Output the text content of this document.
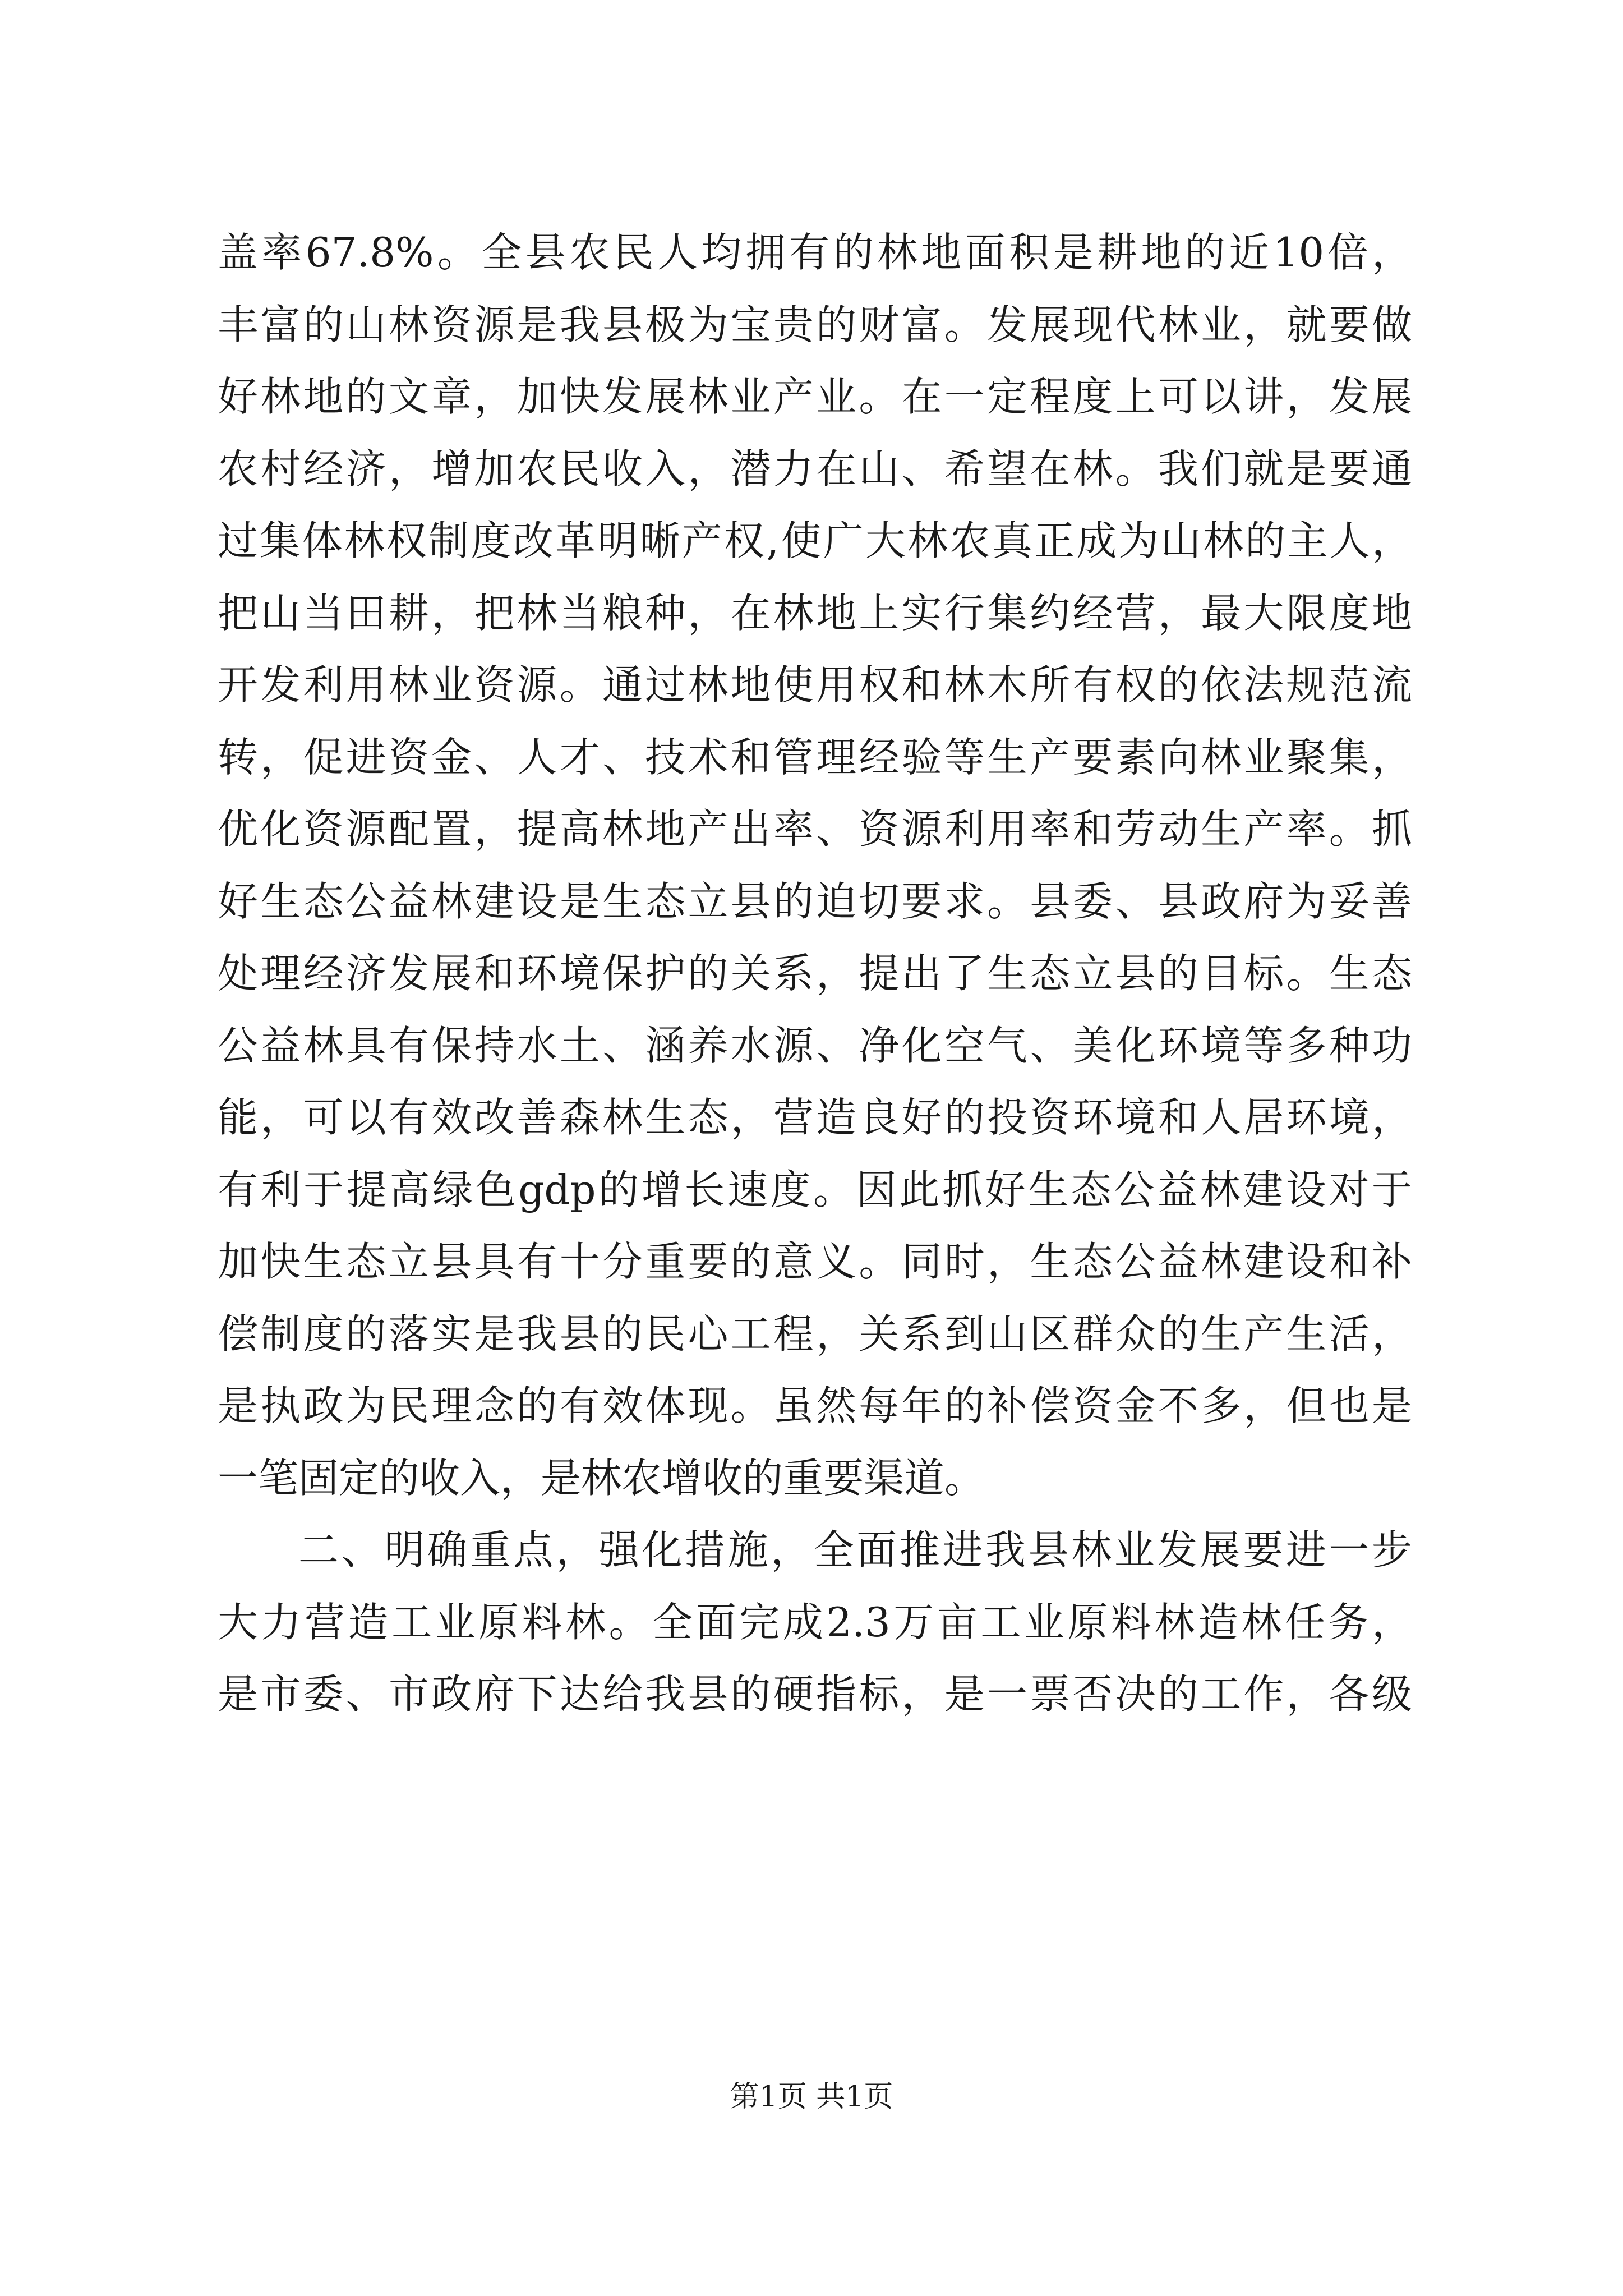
盖率67.8%。全县农民人均拥有的林地面积是耕地的近10倍，
丰富的山林资源是我县极为宝贵的财富。发展现代林业，就要做
好林地的文章，加快发展林业产业。在一定程度上可以讲，发展
农村经济，增加农民收入，潜力在山、希望在林。我们就是要通
过集体林权制度改革明晰产权,使广大林农真正成为山林的主人，
把山当田耕，把林当粮种，在林地上实行集约经营，最大限度地
开发利用林业资源。通过林地使用权和林木所有权的依法规范流
转，促进资金、人才、技术和管理经验等生产要素向林业聚集，
优化资源配置，提高林地产出率、资源利用率和劳动生产率。抓
好生态公益林建设是生态立县的迫切要求。县委、县政府为妥善
处理经济发展和环境保护的关系，提出了生态立县的目标。生态
公益林具有保持水土、涵养水源、净化空气、美化环境等多种功
能，可以有效改善森林生态，营造良好的投资环境和人居环境，
有利于提高绿色gdp的增长速度。因此抓好生态公益林建设对于
加快生态立县具有十分重要的意义。同时，生态公益林建设和补
偿制度的落实是我县的民心工程，关系到山区群众的生产生活，
是执政为民理念的有效体现。虽然每年的补偿资金不多，但也是
一笔固定的收入，是林农增收的重要渠道。
二、明确重点，强化措施，全面推进我县林业发展要进一步
大力营造工业原料林。全面完成2.3万亩工业原料林造林任务，
是市委、市政府下达给我县的硬指标，是一票否决的工作，各级
第1页 共1页
